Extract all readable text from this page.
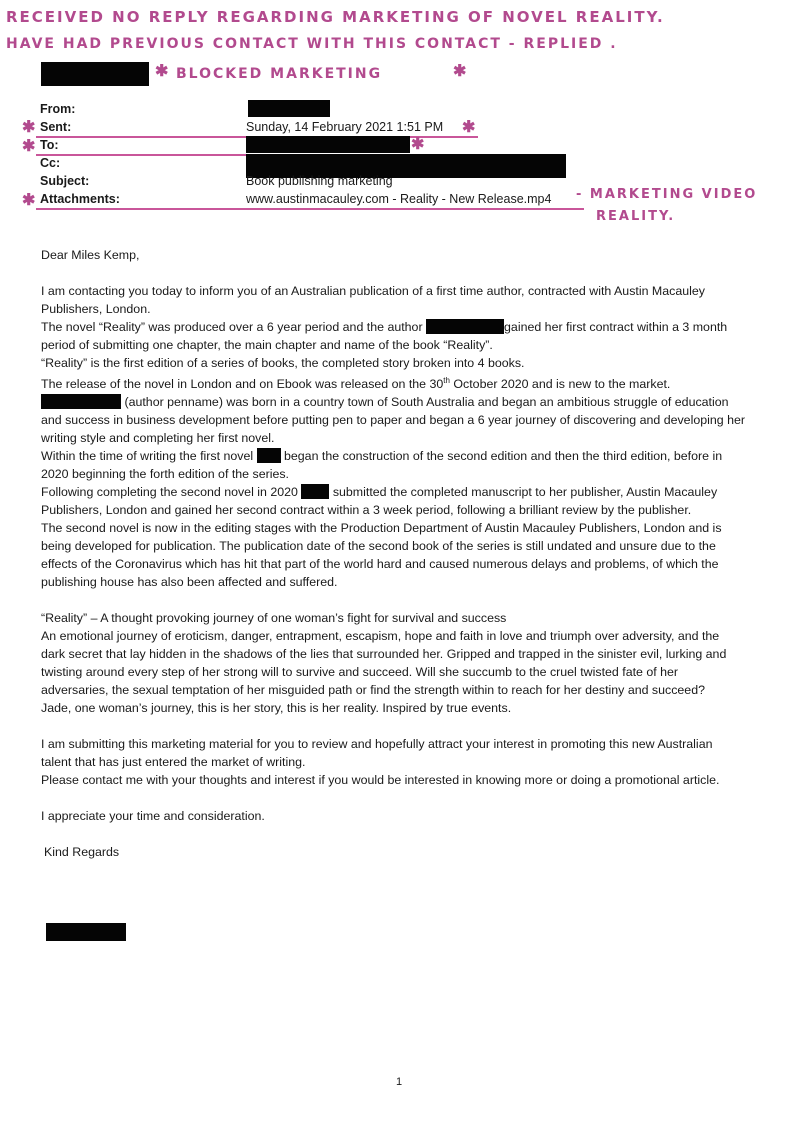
RECEIVED NO REPLY REGARDING MARKETING OF NOVEL REALITY.
HAVE HAD PREVIOUS CONTACT WITH THIS CONTACT - REPLIED .
✱ BLOCKED MARKETING	✱
From:
✱ Sent:	Sunday, 14 February 2021 1:51 PM ✱
✱ To:	✱
Cc:
Subject:	Book publishing marketing
✱ Attachments:	www.austinmacauley.com - Reality - New Release.mp4 - MARKETING VIDEO
REALITY.

Dear Miles Kemp,

I am contacting you today to inform you of an Australian publication of a first time author, contracted with Austin Macauley Publishers, London.

The novel “Reality” was produced over a 6 year period and the author	gained her first contract within a 3 month period of submitting one chapter, the main chapter and name of the book “Reality”.

“Reality” is the first edition of a series of books, the completed story broken into 4 books.

The release of the novel in London and on Ebook was released on the 30th October 2020 and is new to the market.

(author penname) was born in a country town of South Australia and began an ambitious struggle of education and success in business development before putting pen to paper and began a 6 year journey of discovering and developing her writing style and completing her first novel.

Within the time of writing the first novel  began the construction of the second edition and then the third edition, before in 2020 beginning the forth edition of the series.

Following completing the second novel in 2020	submitted the completed manuscript to her publisher, Austin Macauley Publishers, London and gained her second contract within a 3 week period, following a brilliant review by the publisher.

The second novel is now in the editing stages with the Production Department of Austin Macauley Publishers, London and is being developed for publication. The publication date of the second book of the series is still undated and unsure due to the effects of the Coronavirus which has hit that part of the world hard and caused numerous delays and problems, of which the publishing house has also been affected and suffered.

“Reality” – A thought provoking journey of one woman’s fight for survival and success

An emotional journey of eroticism, danger, entrapment, escapism, hope and faith in love and triumph over adversity, and the dark secret that lay hidden in the shadows of the lies that surrounded her. Gripped and trapped in the sinister evil, lurking and twisting around every step of her strong will to survive and succeed. Will she succumb to the cruel twisted fate of her adversaries, the sexual temptation of her misguided path or find the strength within to reach for her destiny and succeed?

Jade, one woman’s journey, this is her story, this is her reality. Inspired by true events.

I am submitting this marketing material for you to review and hopefully attract your interest in promoting this new Australian talent that has just entered the market of writing.

Please contact me with your thoughts and interest if you would be interested in knowing more or doing a promotional article.

I appreciate your time and consideration.

Kind Regards

1
